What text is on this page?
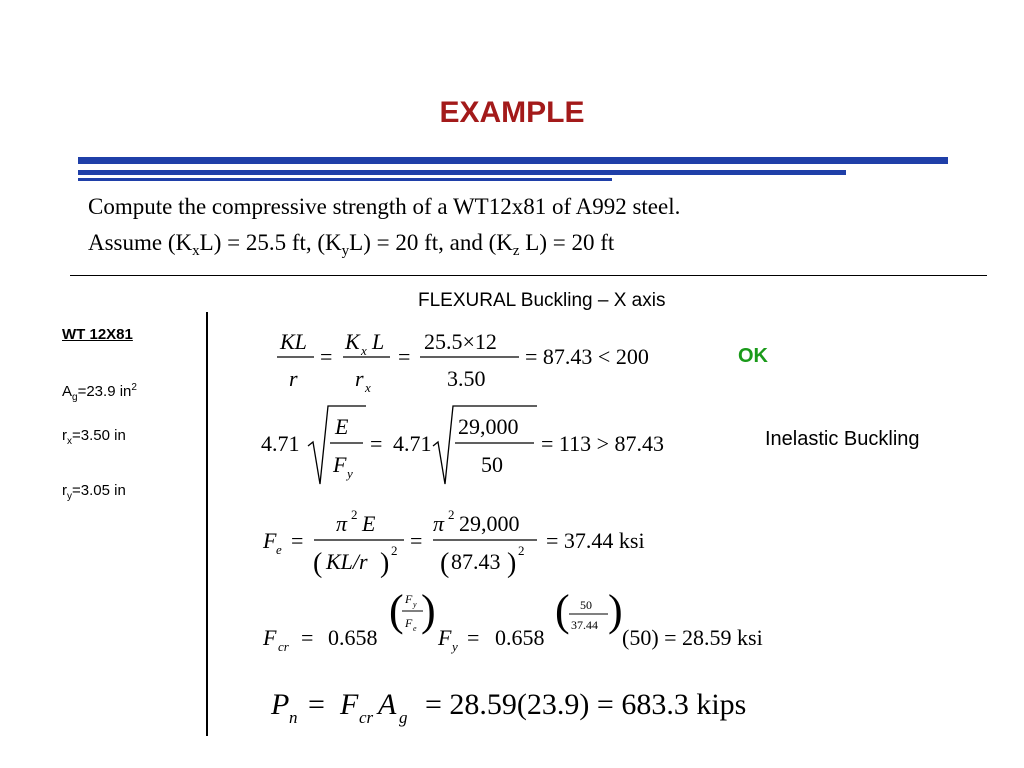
EXAMPLE
Compute the compressive strength of a WT12x81 of A992 steel.
Assume $(K_xL) = 25.5$ ft, $(K_yL) = 20$ ft, and ($K_z$ L) = 20 ft
FLEXURAL Buckling – X axis
WT 12X81
$A_g=23.9$ $in^2$
$r_x=3.50$ in
$r_y=3.05$ in
OK
Inelastic Buckling
KL
r
=
K x L
r x
=
25.5×12
3.50
= 87.43 < 200
4.71
E
F y
= 4.71
29,000
50
= 113 > 87.43
F e =
π 2 E
( KL/r ) 2 =
π 2 29,000
( 87.43 ) 2 = 37.44 ksi
F cr = 0.658
( F y
F e )
F y = 0.658
( 50
37.44 )
(50) = 28.59 ksi
P n = F cr A g = 28.59(23.9) = 683.3 kips
